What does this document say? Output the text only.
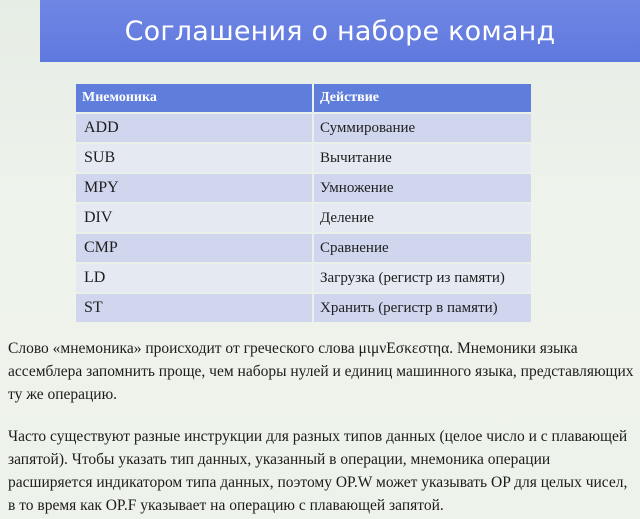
Соглашения о наборе команд
Мнемоника	Действие
ADD	Суммирование
SUB	Вычитание
MPY	Умножение
DIV	Деление
CMP	Сравнение
LD	Загрузка (регистр из памяти)
ST	Хранить (регистр в памяти)

Слово «мнемоника» происходит от греческого слова μιμνΕσκεστηα. Мнемоники языка ассемблера запомнить проще, чем наборы нулей и единиц машинного языка, представляющих ту же операцию.

Часто существуют разные инструкции для разных типов данных (целое число и с плавающей запятой). Чтобы указать тип данных, указанный в операции, мнемоника операции расширяется индикатором типа данных, поэтому OP.W может указывать OP для целых чисел, в то время как OP.F указывает на операцию с плавающей запятой.
